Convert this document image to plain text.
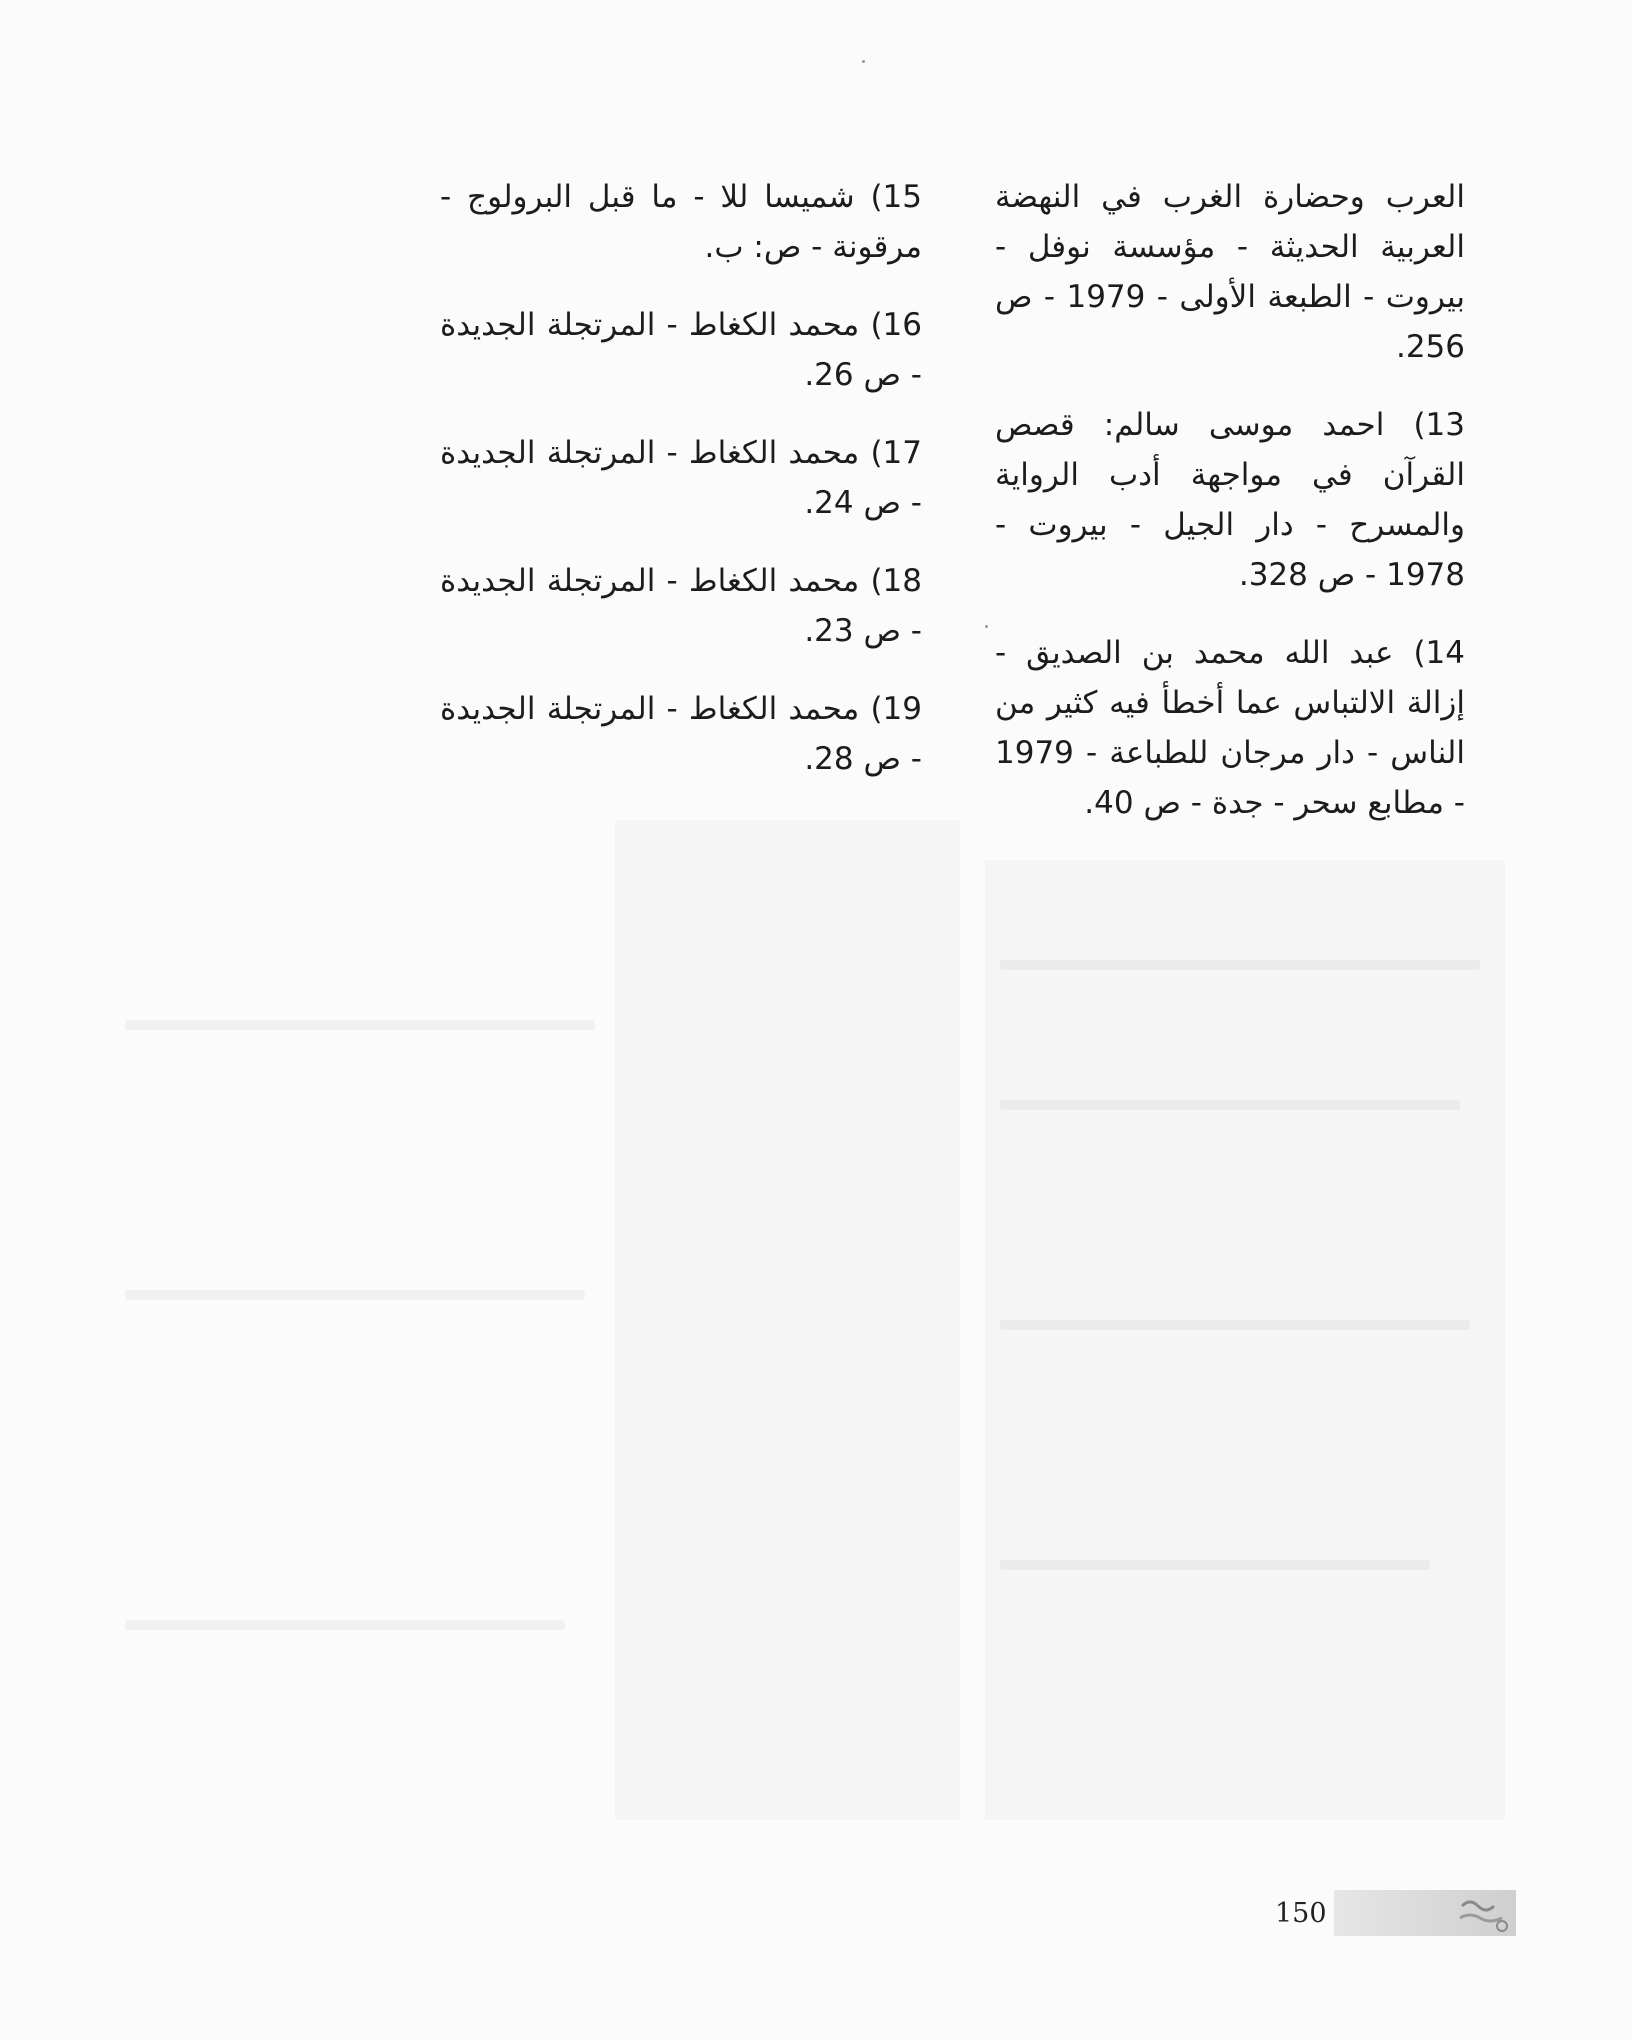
العرب وحضارة الغرب في النهضة العربية الحديثة - مؤسسة نوفل - بيروت - الطبعة الأولى - 1979 - ص 256.

13) احمد موسى سالم: قصص القرآن في مواجهة أدب الرواية والمسرح - دار الجيل - بيروت - 1978 - ص 328.

14) عبد الله محمد بن الصديق - إزالة الالتباس عما أخطأ فيه كثير من الناس - دار مرجان للطباعة - 1979 - مطابع سحر - جدة - ص 40.

15) شميسا للا - ما قبل البرولوج - مرقونة - ص: ب.

16) محمد الكغاط - المرتجلة الجديدة - ص 26.

17) محمد الكغاط - المرتجلة الجديدة - ص 24.

18) محمد الكغاط - المرتجلة الجديدة - ص 23.

19) محمد الكغاط - المرتجلة الجديدة - ص 28.

150
